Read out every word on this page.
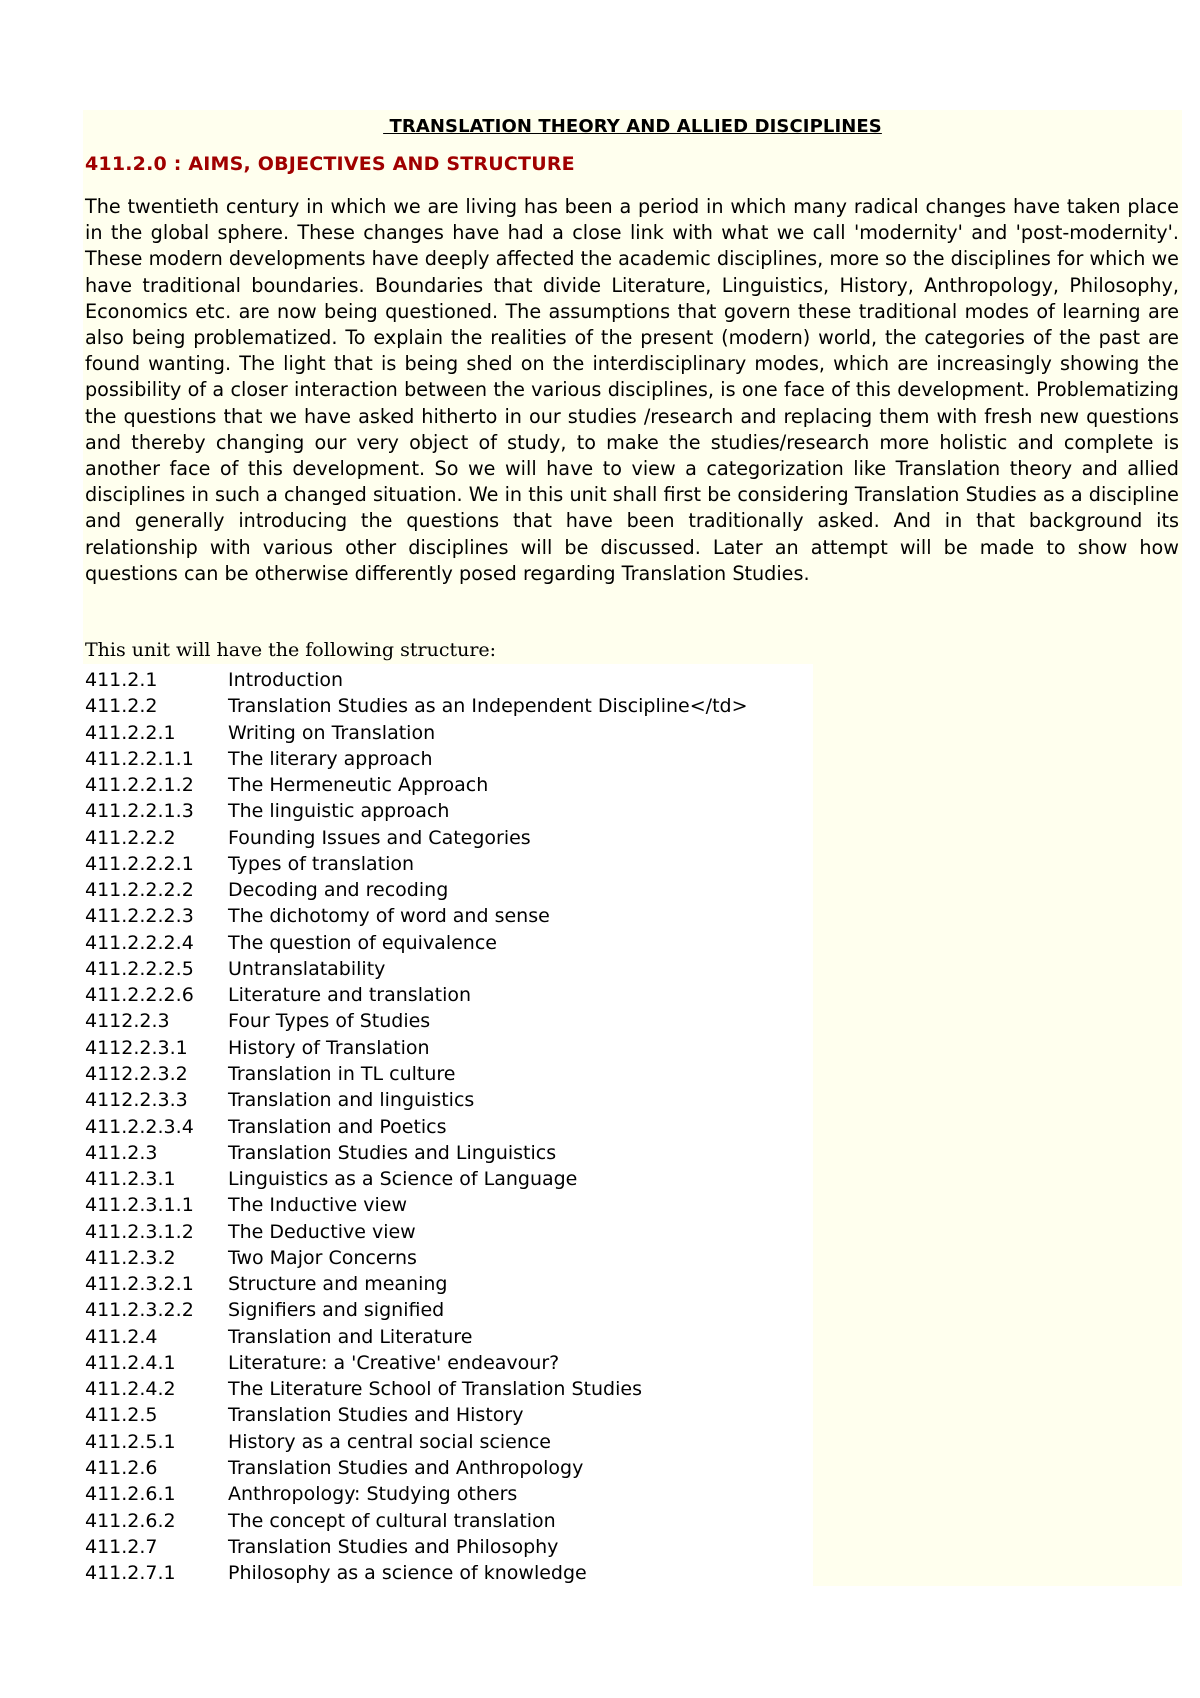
TRANSLATION THEORY AND ALLIED DISCIPLINES
411.2.0 : AIMS, OBJECTIVES AND STRUCTURE
The twentieth century in which we are living has been a period in which many radical changes have taken place in the global sphere. These changes have had a close link with what we call 'modernity' and 'post-modernity'. These modern developments have deeply affected the academic disciplines, more so the disciplines for which we have traditional boundaries. Boundaries that divide Literature, Linguistics, History, Anthropology, Philosophy, Economics etc. are now being questioned. The assumptions that govern these traditional modes of learning are also being problematized. To explain the realities of the present (modern) world, the categories of the past are found wanting. The light that is being shed on the interdisciplinary modes, which are increasingly showing the possibility of a closer interaction between the various disciplines, is one face of this development. Problematizing the questions that we have asked hitherto in our studies /research and replacing them with fresh new questions and thereby changing our very object of study, to make the studies/research more holistic and complete is another face of this development. So we will have to view a categorization like Translation theory and allied disciplines in such a changed situation. We in this unit shall first be considering Translation Studies as a discipline and generally introducing the questions that have been traditionally asked. And in that background its relationship with various other disciplines will be discussed. Later an attempt will be made to show how questions can be otherwise differently posed regarding Translation Studies.
This unit will have the following structure:
411.2.1	Introduction
411.2.2	Translation Studies as an Independent Discipline</td>
411.2.2.1	Writing on Translation
411.2.2.1.1	The literary approach
411.2.2.1.2	The Hermeneutic Approach
411.2.2.1.3	The linguistic approach
411.2.2.2	Founding Issues and Categories
411.2.2.2.1	Types of translation
411.2.2.2.2	Decoding and recoding
411.2.2.2.3	The dichotomy of word and sense
411.2.2.2.4	The question of equivalence
411.2.2.2.5	Untranslatability
411.2.2.2.6	Literature and translation
4112.2.3	Four Types of Studies
4112.2.3.1	History of Translation
4112.2.3.2	Translation in TL culture
4112.2.3.3	Translation and linguistics
411.2.2.3.4	Translation and Poetics
411.2.3	Translation Studies and Linguistics
411.2.3.1	Linguistics as a Science of Language
411.2.3.1.1	The Inductive view
411.2.3.1.2	The Deductive view
411.2.3.2	Two Major Concerns
411.2.3.2.1	Structure and meaning
411.2.3.2.2	Signifiers and signified
411.2.4	Translation and Literature
411.2.4.1	Literature: a 'Creative' endeavour?
411.2.4.2	The Literature School of Translation Studies
411.2.5	Translation Studies and History
411.2.5.1	History as a central social science
411.2.6	Translation Studies and Anthropology
411.2.6.1	Anthropology: Studying others
411.2.6.2	The concept of cultural translation
411.2.7	Translation Studies and Philosophy
411.2.7.1	Philosophy as a science of knowledge
